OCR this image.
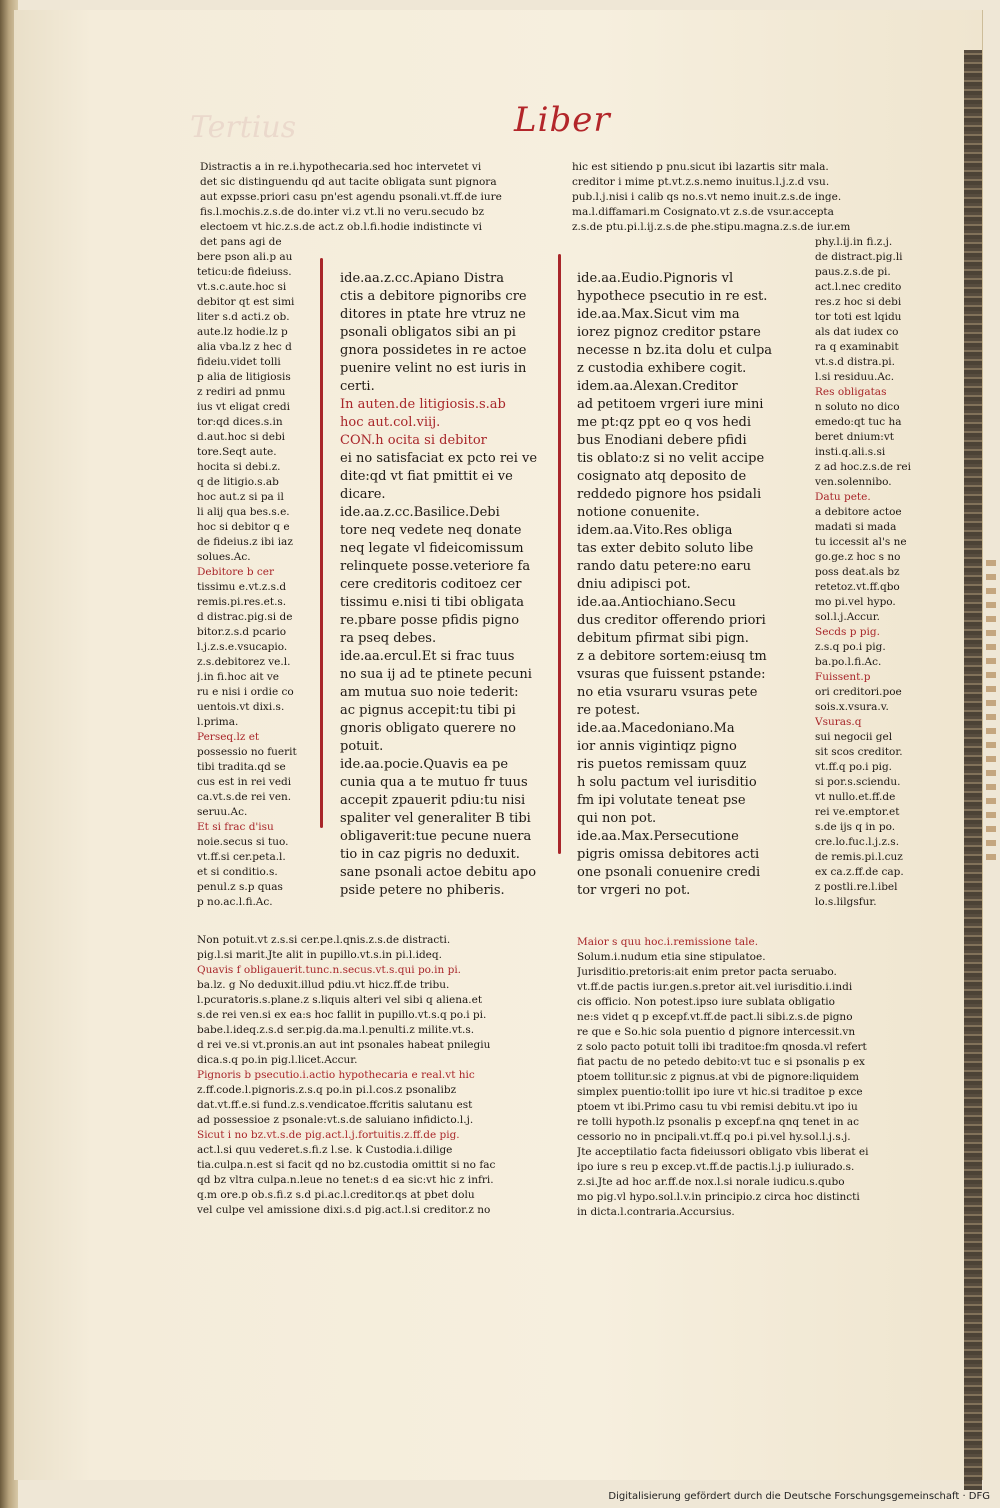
Tertius	Liber
Distractis a in re.i.hypothecaria.sed hoc intervetet vi
det sic distinguendu qd aut tacite obligata sunt pignora
aut expsse.priori casu pn'est agendu psonali.vt.ff.de iure
fis.l.mochis.z.s.de do.inter vi.z vt.li no veru.secudo bz
electoem vt hic.z.s.de act.z ob.l.fi.hodie indistincte vi
det pans agi de
hic est sitiendo p pnu.sicut ibi lazartis sitr mala.
creditor i mime pt.vt.z.s.nemo inuitus.l.j.z.d vsu.
pub.l.j.nisi i calib qs no.s.vt nemo inuit.z.s.de inge.
ma.l.diffamari.m Cosignato.vt z.s.de vsur.accepta
z.s.de ptu.pi.l.ij.z.s.de phe.stipu.magna.z.s.de iur.em
bere pson ali.p au
teticu:de fideiuss.
vt.s.c.aute.hoc si
debitor qt est simi
liter s.d acti.z ob.
aute.lz hodie.lz p
alia vba.lz z hec d
fideiu.videt tolli
p alia de litigiosis
z rediri ad pnmu
ius vt eligat credi
tor:qd dices.s.in
d.aut.hoc si debi
tore.Seqt aute.
hocita si debi.z.
q de litigio.s.ab
hoc aut.z si pa il
li alij qua bes.s.e.
hoc si debitor q e
de fideius.z ibi iaz
solues.Ac.
Debitore b cer
tissimu e.vt.z.s.d
remis.pi.res.et.s.
d distrac.pig.si de
bitor.z.s.d pcario
l.j.z.s.e.vsucapio.
z.s.debitorez ve.l.
j.in fi.hoc ait ve
ru e nisi i ordie co
uentois.vt dixi.s.
l.prima.
Perseq.lz et
possessio no fuerit
tibi tradita.qd se
cus est in rei vedi
ca.vt.s.de rei ven.
seruu.Ac.
Et si frac d'isu
noie.secus si tuo.
vt.ff.si cer.peta.l.
et si conditio.s.
penul.z s.p quas
p no.ac.l.fi.Ac.
phy.l.ij.in fi.z.j.
de distract.pig.li
paus.z.s.de pi.
act.l.nec credito
res.z hoc si debi
tor toti est lqidu
als dat iudex co
ra q examinabit
vt.s.d distra.pi.
l.si residuu.Ac.
Res obligatas
n soluto no dico
emedo:qt tuc ha
beret dnium:vt
insti.q.ali.s.si
z ad hoc.z.s.de rei
ven.solennibo.
Datu pete.
a debitore actoe
madati si mada
tu iccessit al's ne
go.ge.z hoc s no
poss deat.als bz
retetoz.vt.ff.qbo
mo pi.vel hypo.
sol.l.j.Accur.
Secds p pig.
z.s.q po.i pig.
ba.po.l.fi.Ac.
Fuissent.p
ori creditori.poe
sois.x.vsura.v.
Vsuras.q
sui negocii gel
sit scos creditor.
vt.ff.q po.i pig.
si por.s.sciendu.
vt nullo.et.ff.de
rei ve.emptor.et
s.de ijs q in po.
cre.lo.fuc.l.j.z.s.
de remis.pi.l.cuz
ex ca.z.ff.de cap.
z postli.re.l.ibel
lo.s.lilgsfur.
ide.aa.z.cc.Apiano Distra
ctis a debitore pignoribs cre
ditores in ptate hre vtruz ne
psonali obligatos sibi an pi
gnora possidetes in re actoe
puenire velint no est iuris in
certi.
In auten.de litigiosis.s.ab
hoc aut.col.viij.
CON.h ocita si debitor
ei no satisfaciat ex pcto rei ve
dite:qd vt fiat pmittit ei ve
dicare.
ide.aa.z.cc.Basilice.Debi
tore neq vedete neq donate
neq legate vl fideicomissum
relinquete posse.veteriore fa
cere creditoris coditoez cer
tissimu e.nisi ti tibi obligata
re.pbare posse pfidis pigno
ra pseq debes.
ide.aa.ercul.Et si frac tuus
no sua ij ad te ptinete pecuni
am mutua suo noie tederit:
ac pignus accepit:tu tibi pi
gnoris obligato querere no
potuit.
ide.aa.pocie.Quavis ea pe
cunia qua a te mutuo fr tuus
accepit zpauerit pdiu:tu nisi
spaliter vel generaliter B tibi
obligaverit:tue pecune nuera
tio in caz pigris no deduxit.
sane psonali actoe debitu apo
pside petere no phiberis.
ide.aa.Eudio.Pignoris vl
hypothece psecutio in re est.
ide.aa.Max.Sicut vim ma
iorez pignoz creditor pstare
necesse n bz.ita dolu et culpa
z custodia exhibere cogit.
idem.aa.Alexan.Creditor
ad petitoem vrgeri iure mini
me pt:qz ppt eo q vos hedi
bus Enodiani debere pfidi
tis oblato:z si no velit accipe
cosignato atq deposito de
reddedo pignore hos psidali
notione conuenite.
idem.aa.Vito.Res obliga
tas exter debito soluto libe
rando datu petere:no earu
dniu adipisci pot.
ide.aa.Antiochiano.Secu
dus creditor offerendo priori
debitum pfirmat sibi pign.
z a debitore sortem:eiusq tm
vsuras que fuissent pstande:
no etia vsuraru vsuras pete
re potest.
ide.aa.Macedoniano.Ma
ior annis vigintiqz pigno
ris puetos remissam quuz
h solu pactum vel iurisditio
fm ipi volutate teneat pse
qui non pot.
ide.aa.Max.Persecutione
pigris omissa debitores acti
one psonali conuenire credi
tor vrgeri no pot.
Non potuit.vt z.s.si cer.pe.l.qnis.z.s.de distracti.
pig.l.si marit.Jte alit in pupillo.vt.s.in pi.l.ideq.
Quavis f obligauerit.tunc.n.secus.vt.s.qui po.in pi.
ba.lz. g No deduxit.illud pdiu.vt hicz.ff.de tribu.
l.pcuratoris.s.plane.z s.liquis alteri vel sibi q aliena.et
s.de rei ven.si ex ea:s hoc fallit in pupillo.vt.s.q po.i pi.
babe.l.ideq.z.s.d ser.pig.da.ma.l.penulti.z milite.vt.s.
d rei ve.si vt.pronis.an aut int psonales habeat pnilegiu
dica.s.q po.in pig.l.licet.Accur.
Pignoris b psecutio.i.actio hypothecaria e real.vt hic
z.ff.code.l.pignoris.z.s.q po.in pi.l.cos.z psonalibz
dat.vt.ff.e.si fund.z.s.vendicatoe.ffcritis salutanu est
ad possessioe z psonale:vt.s.de saluiano infidicto.l.j.
Sicut i no bz.vt.s.de pig.act.l.j.fortuitis.z.ff.de pig.
act.l.si quu vederet.s.fi.z l.se. k Custodia.i.dilige
tia.culpa.n.est si facit qd no bz.custodia omittit si no fac
qd bz vltra culpa.n.leue no tenet:s d ea sic:vt hic z infri.
q.m ore.p ob.s.fi.z s.d pi.ac.l.creditor.qs at pbet dolu
vel culpe vel amissione dixi.s.d pig.act.l.si creditor.z no
Maior s quu hoc.i.remissione tale.
Solum.i.nudum etia sine stipulatoe.
Jurisditio.pretoris:ait enim pretor pacta seruabo.
vt.ff.de pactis iur.gen.s.pretor ait.vel iurisditio.i.indi
cis officio. Non potest.ipso iure sublata obligatio
ne:s videt q p excepf.vt.ff.de pact.li sibi.z.s.de pigno
re que e So.hic sola puentio d pignore intercessit.vn
z solo pacto potuit tolli ibi traditoe:fm qnosda.vl refert
fiat pactu de no petedo debito:vt tuc e si psonalis p ex
ptoem tollitur.sic z pignus.at vbi de pignore:liquidem
simplex puentio:tollit ipo iure vt hic.si traditoe p exce
ptoem vt ibi.Primo casu tu vbi remisi debitu.vt ipo iu
re tolli hypoth.lz psonalis p excepf.na qnq tenet in ac
cessorio no in pncipali.vt.ff.q po.i pi.vel hy.sol.l.j.s.j.
Jte acceptilatio facta fideiussori obligato vbis liberat ei
ipo iure s reu p excep.vt.ff.de pactis.l.j.p iuliurado.s.
z.si.Jte ad hoc ar.ff.de nox.l.si norale iudicu.s.qubo
mo pig.vl hypo.sol.l.v.in principio.z circa hoc distincti
in dicta.l.contraria.Accursius.
Digitalisierung gefördert durch die Deutsche Forschungsgemeinschaft · DFG
